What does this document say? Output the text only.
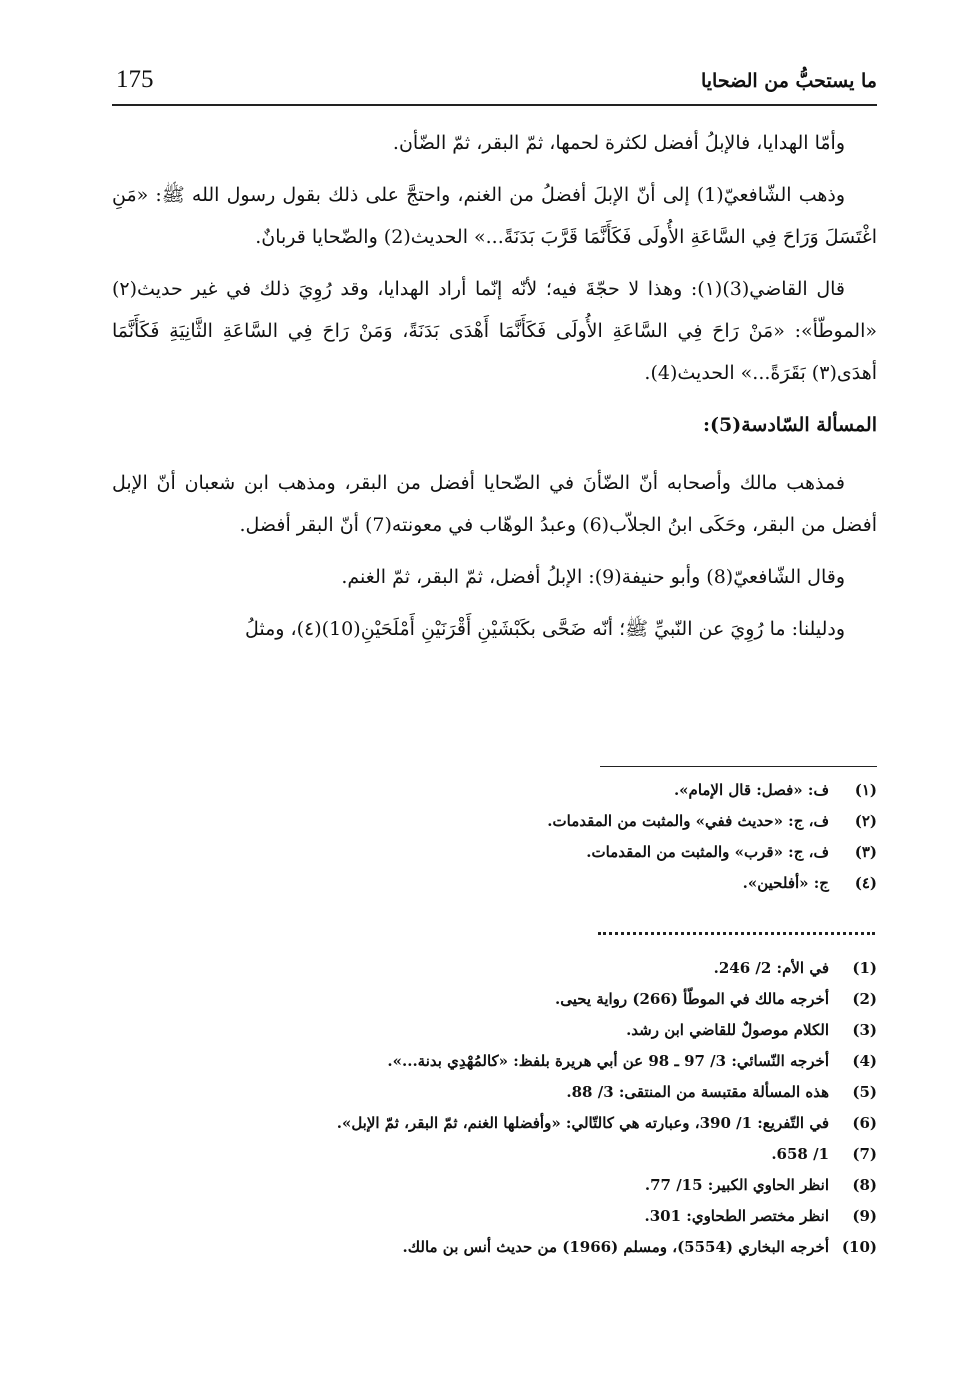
ما يستحبُّ من الضحايا
175

وأمّا الهدايا، فالإبلُ أفضل لكثرة لحمها، ثمّ البقر، ثمّ الضّأن.

وذهب الشّافعيّ(1) إلى أنّ الإبلَ أفضلُ من الغنم، واحتجَّ على ذلك بقول رسول الله ﷺ: «مَنِ اغْتَسَلَ وَرَاحَ فِي السَّاعَةِ الأُولَى فَكَأَنَّمَا قَرَّبَ بَدَنَةً...» الحديث(2) والضّحايا قربانٌ.

قال القاضي(3)(١): وهذا لا حجّةَ فيه؛ لأنّه إنّما أراد الهدايا، وقد رُوِيَ ذلك في غير حديث(٢) «الموطّأ»: «مَنْ رَاحَ فِي السَّاعَةِ الأُولَى فَكَأَنَّمَا أَهْدَى بَدَنَةً، وَمَنْ رَاحَ فِي السَّاعَةِ الثَّانِيَةِ فَكَأَنَّمَا أهدَى(٣) بَقَرَةً...» الحديث(4).

المسألة السّادسة(5):

فمذهب مالك وأصحابه أنّ الضّأنَ في الضّحايا أفضل من البقر، ومذهب ابن شعبان أنّ الإبل أفضل من البقر، وحَكَى ابنُ الجلاّب(6) وعبدُ الوهّاب في معونته(7) أنّ البقر أفضل.

وقال الشّافعيّ(8) وأبو حنيفة(9): الإبلُ أفضل، ثمّ البقر، ثمّ الغنم.

ودليلنا: ما رُوِيَ عن النّبيِّ ﷺ؛ أنّه ضَحَّى بكَبْشَيْنِ أَقْرَنَيْنِ أَمْلَحَيْنِ(10)(٤)، ومثلُ

(١)
ف: «فصل: قال الإمام».
(٢)
ف، ج: «حديث ففي» والمثبت من المقدمات.
(٣)
ف، ج: «قرب» والمثبت من المقدمات.
(٤)
ج: «أفلحين».
(1)
في الأم: 2/ 246.
(2)
أخرجه مالك في الموطّأ (266) رواية يحيى.
(3)
الكلام موصولٌ للقاضي ابن رشد.
(4)
أخرجه النّسائي: 3/ 97 ـ 98 عن أبي هريرة بلفظ: «كالمُهْدِي بدنة...».
(5)
هذه المسألة مقتبسة من المنتقى: 3/ 88.
(6)
في التّفريع: 1/ 390، وعبارته هي كالتّالي: «وأفضلها الغنم، ثمّ البقر، ثمّ الإبل».
(7)
1/ 658.
(8)
انظر الحاوي الكبير: 15/ 77.
(9)
انظر مختصر الطحاوي: 301.
(10)
أخرجه البخاري (5554)، ومسلم (1966) من حديث أنس بن مالك.
